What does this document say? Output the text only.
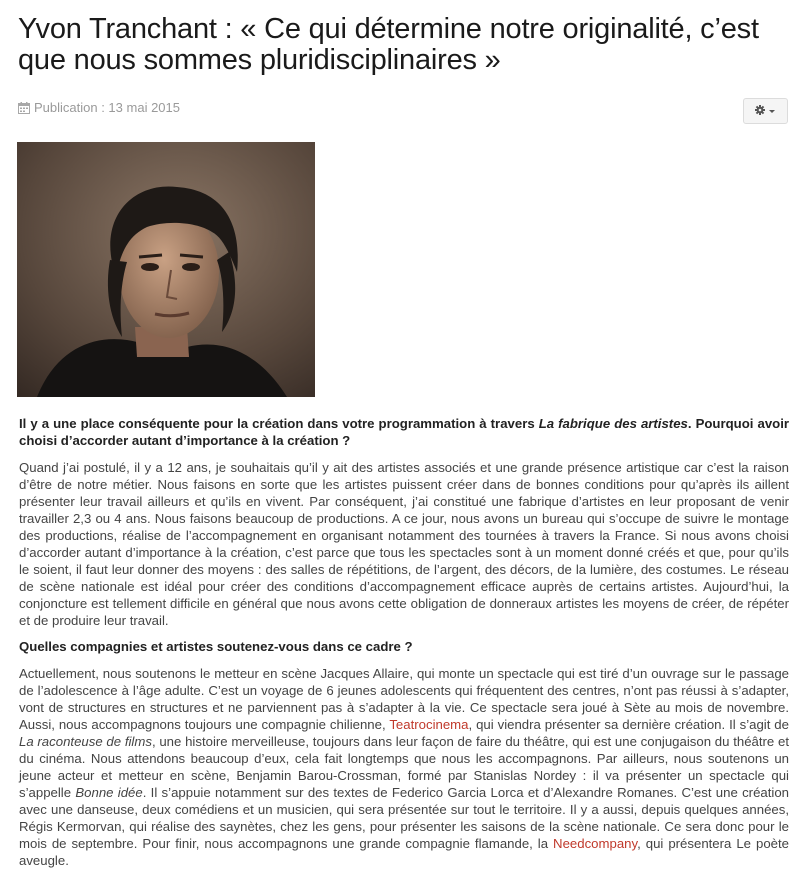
Yvon Tranchant : « Ce qui détermine notre originalité, c’est que nous sommes pluridisciplinaires »
Publication : 13 mai 2015

Il y a une place conséquente pour la création dans votre programmation à travers La fabrique des artistes. Pourquoi avoir choisi d’accorder autant d’importance à la création ?

Quand j’ai postulé, il y a 12 ans, je souhaitais qu’il y ait des artistes associés et une grande présence artistique car c’est la raison d’être de notre métier. Nous faisons en sorte que les artistes puissent créer dans de bonnes conditions pour qu’après ils aillent présenter leur travail ailleurs et qu’ils en vivent. Par conséquent, j’ai constitué une fabrique d’artistes en leur proposant de venir travailler 2,3 ou 4 ans. Nous faisons beaucoup de productions. A ce jour, nous avons un bureau qui s’occupe de suivre le montage des productions, réalise de l’accompagnement en organisant notamment des tournées à travers la France. Si nous avons choisi d’accorder autant d’importance à la création, c’est parce que tous les spectacles sont à un moment donné créés et que, pour qu’ils le soient, il faut leur donner des moyens : des salles de répétitions, de l’argent, des décors, de la lumière, des costumes. Le réseau de scène nationale est idéal pour créer des conditions d’accompagnement efficace auprès de certains artistes. Aujourd’hui, la conjoncture est tellement difficile en général que nous avons cette obligation de donneraux artistes les moyens de créer, de répéter et de produire leur travail.

Quelles compagnies et artistes soutenez-vous dans ce cadre ?

Actuellement, nous soutenons le metteur en scène Jacques Allaire, qui monte un spectacle qui est tiré d’un ouvrage sur le passage de l’adolescence à l’âge adulte. C’est un voyage de 6 jeunes adolescents qui fréquentent des centres, n’ont pas réussi à s’adapter, vont de structures en structures et ne parviennent pas à s’adapter à la vie. Ce spectacle sera joué à Sète au mois de novembre. Aussi, nous accompagnons toujours une compagnie chilienne, Teatrocinema, qui viendra présenter sa dernière création. Il s’agit de La raconteuse de films, une histoire merveilleuse, toujours dans leur façon de faire du théâtre, qui est une conjugaison du théâtre et du cinéma. Nous attendons beaucoup d’eux, cela fait longtemps que nous les accompagnons. Par ailleurs, nous soutenons un jeune acteur et metteur en scène, Benjamin Barou-Crossman, formé par Stanislas Nordey : il va présenter un spectacle qui s’appelle Bonne idée. Il s’appuie notamment sur des textes de Federico Garcia Lorca et d’Alexandre Romanes. C’est une création avec une danseuse, deux comédiens et un musicien, qui sera présentée sur tout le territoire. Il y a aussi, depuis quelques années, Régis Kermorvan, qui réalise des saynètes, chez les gens, pour présenter les saisons de la scène nationale. Ce sera donc pour le mois de septembre. Pour finir, nous accompagnons une grande compagnie flamande, la Needcompany, qui présentera Le poète aveugle.
